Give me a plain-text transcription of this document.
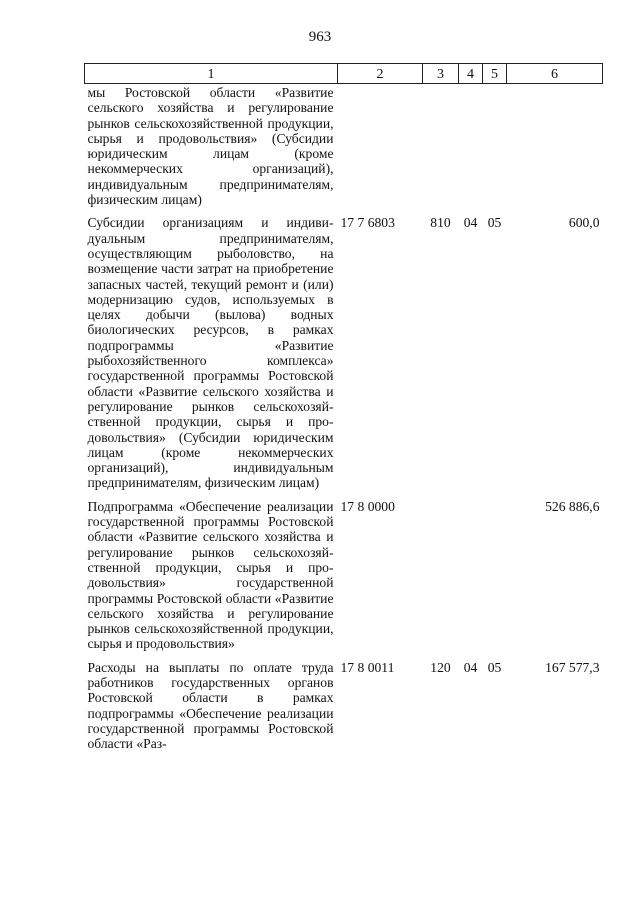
963
1	2	3	4	5	6
мы Ростовской области «Развитие сельского хозяйства и регулирование рынков сельскохозяйственной продукции, сырья и продовольствия» (Субсидии юридическим лицам (кроме некоммерческих организаций), индивидуальным предпринимателям, физическим лицам)					
Субсидии организациям и индивидуальным предпринимателям, осуществляющим рыболовство, на возмещение части затрат на приобретение запасных частей, текущий ремонт и (или) модернизацию судов, используемых в целях добычи (вылова) водных биологических ресурсов, в рамках подпрограммы «Развитие рыбохозяйственного комплекса» государственной программы Ростовской области «Развитие сельского хозяйства и регулирование рынков сельскохозяйственной продукции, сырья и продовольствия» (Субсидии юридическим лицам (кроме некоммерческих организаций), индивидуальным предпринимателям, физическим лицам)	17 7 6803	810	04	05	600,0
Подпрограмма «Обеспечение реализации государственной программы Ростовской области «Развитие сельского хозяйства и регулирование рынков сельскохозяйственной продукции, сырья и продовольствия» государственной программы Ростовской области «Развитие сельского хозяйства и регулирование рынков сельскохозяйственной продукции, сырья и продовольствия»	17 8 0000				526 886,6
Расходы на выплаты по оплате труда работников государственных органов Ростовской области в рамках подпрограммы «Обеспечение реализации государственной программы Ростовской области «Раз-	17 8 0011	120	04	05	167 577,3
